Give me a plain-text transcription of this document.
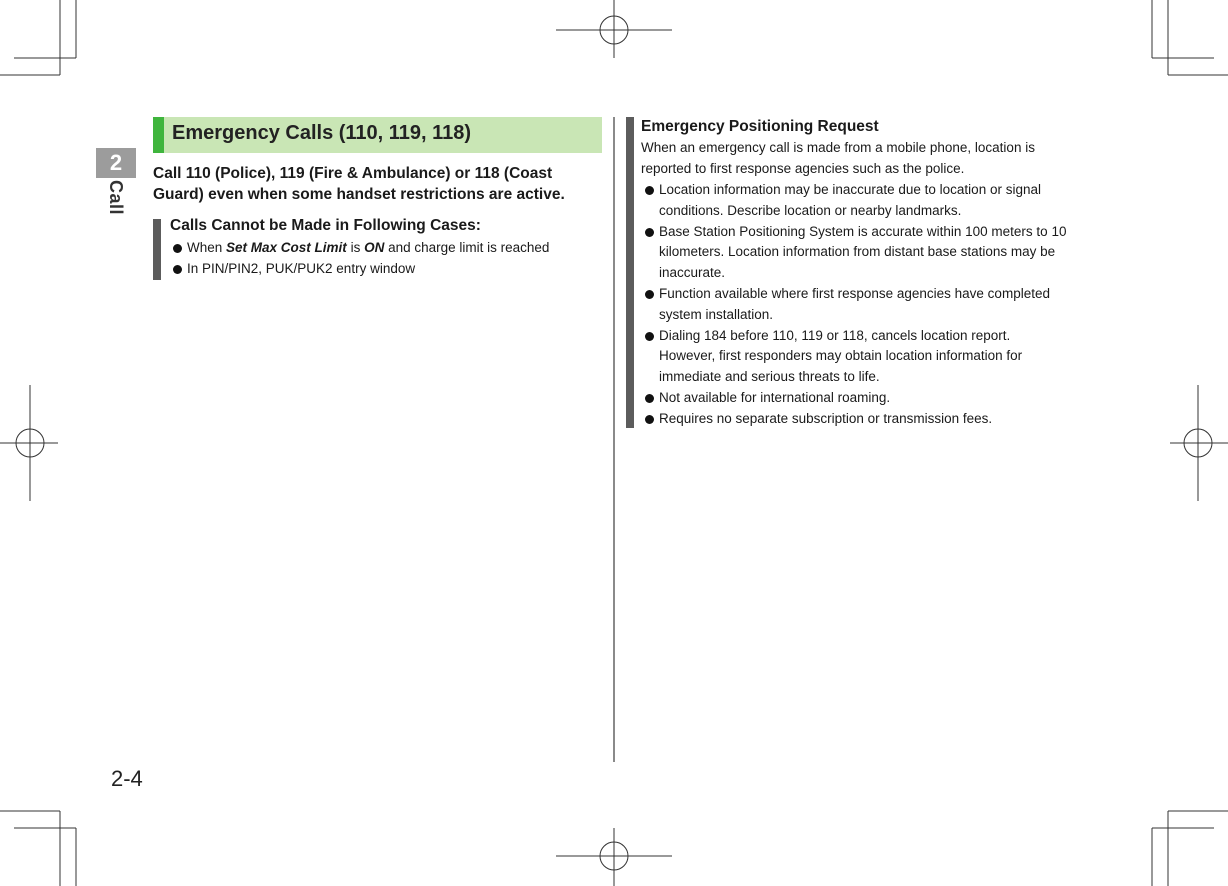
2
Call
2-4
Emergency Calls (110, 119, 118)
Call 110 (Police), 119 (Fire & Ambulance) or 118 (Coast Guard) even when some handset restrictions are active.
Calls Cannot be Made in Following Cases:
When Set Max Cost Limit is ON and charge limit is reached
In PIN/PIN2, PUK/PUK2 entry window
Emergency Positioning Request
When an emergency call is made from a mobile phone, location is reported to first response agencies such as the police.
Location information may be inaccurate due to location or signal conditions. Describe location or nearby landmarks.
Base Station Positioning System is accurate within 100 meters to 10 kilometers. Location information from distant base stations may be inaccurate.
Function available where first response agencies have completed system installation.
Dialing 184 before 110, 119 or 118, cancels location report. However, first responders may obtain location information for immediate and serious threats to life.
Not available for international roaming.
Requires no separate subscription or transmission fees.
